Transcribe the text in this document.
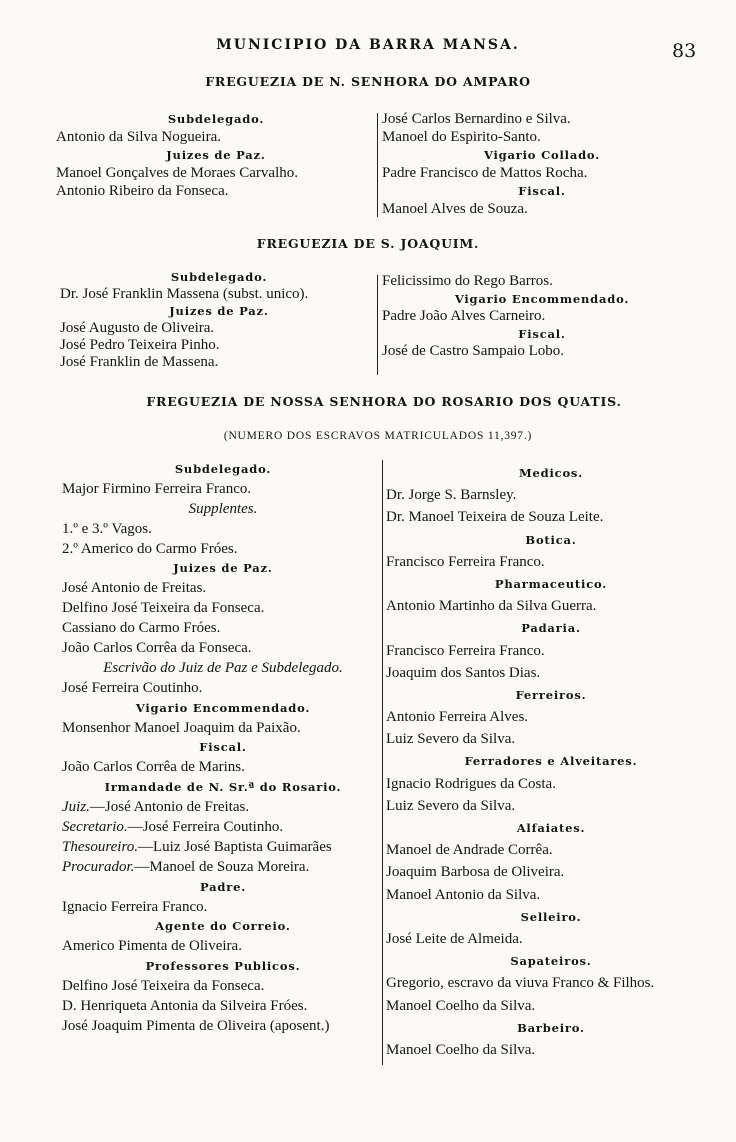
MUNICIPIO DA BARRA MANSA.	83
FREGUEZIA DE N. SENHORA DO AMPARO
Subdelegado.
Antonio da Silva Nogueira.
Juizes de Paz.
Manoel Gonçalves de Moraes Carvalho.
Antonio Ribeiro da Fonseca.
José Carlos Bernardino e Silva.
Manoel do Espirito-Santo.
Vigario Collado.
Padre Francisco de Mattos Rocha.
Fiscal.
Manoel Alves de Souza.
FREGUEZIA DE S. JOAQUIM.
Subdelegado.
Dr. José Franklin Massena (subst. unico).
Juizes de Paz.
José Augusto de Oliveira.
José Pedro Teixeira Pinho.
José Franklin de Massena.
Felicissimo do Rego Barros.
Vigario Encommendado.
Padre João Alves Carneiro.
Fiscal.
José de Castro Sampaio Lobo.
FREGUEZIA DE NOSSA SENHORA DO ROSARIO DOS QUATIS.
(NUMERO DOS ESCRAVOS MATRICULADOS 11,397.)
Subdelegado.
Major Firmino Ferreira Franco.
Supplentes.
1.º e 3.º Vagos.
2.º Americo do Carmo Fróes.
Juizes de Paz.
José Antonio de Freitas.
Delfino José Teixeira da Fonseca.
Cassiano do Carmo Fróes.
João Carlos Corrêa da Fonseca.
Escrivão do Juiz de Paz e Subdelegado.
José Ferreira Coutinho.
Vigario Encommendado.
Monsenhor Manoel Joaquim da Paixão.
Fiscal.
João Carlos Corrêa de Marins.
Irmandade de N. Sr.ª do Rosario.
Juiz.—José Antonio de Freitas.
Secretario.—José Ferreira Coutinho.
Thesoureiro.—Luiz José Baptista Guimarães
Procurador.—Manoel de Souza Moreira.
Padre.
Ignacio Ferreira Franco.
Agente do Correio.
Americo Pimenta de Oliveira.
Professores Publicos.
Delfino José Teixeira da Fonseca.
D. Henriqueta Antonia da Silveira Fróes.
José Joaquim Pimenta de Oliveira (aposent.)
Medicos.
Dr. Jorge S. Barnsley.
Dr. Manoel Teixeira de Souza Leite.
Botica.
Francisco Ferreira Franco.
Pharmaceutico.
Antonio Martinho da Silva Guerra.
Padaria.
Francisco Ferreira Franco.
Joaquim dos Santos Dias.
Ferreiros.
Antonio Ferreira Alves.
Luiz Severo da Silva.
Ferradores e Alveitares.
Ignacio Rodrigues da Costa.
Luiz Severo da Silva.
Alfaiates.
Manoel de Andrade Corrêa.
Joaquim Barbosa de Oliveira.
Manoel Antonio da Silva.
Selleiro.
José Leite de Almeida.
Sapateiros.
Gregorio, escravo da viuva Franco & Filhos.
Manoel Coelho da Silva.
Barbeiro.
Manoel Coelho da Silva.
